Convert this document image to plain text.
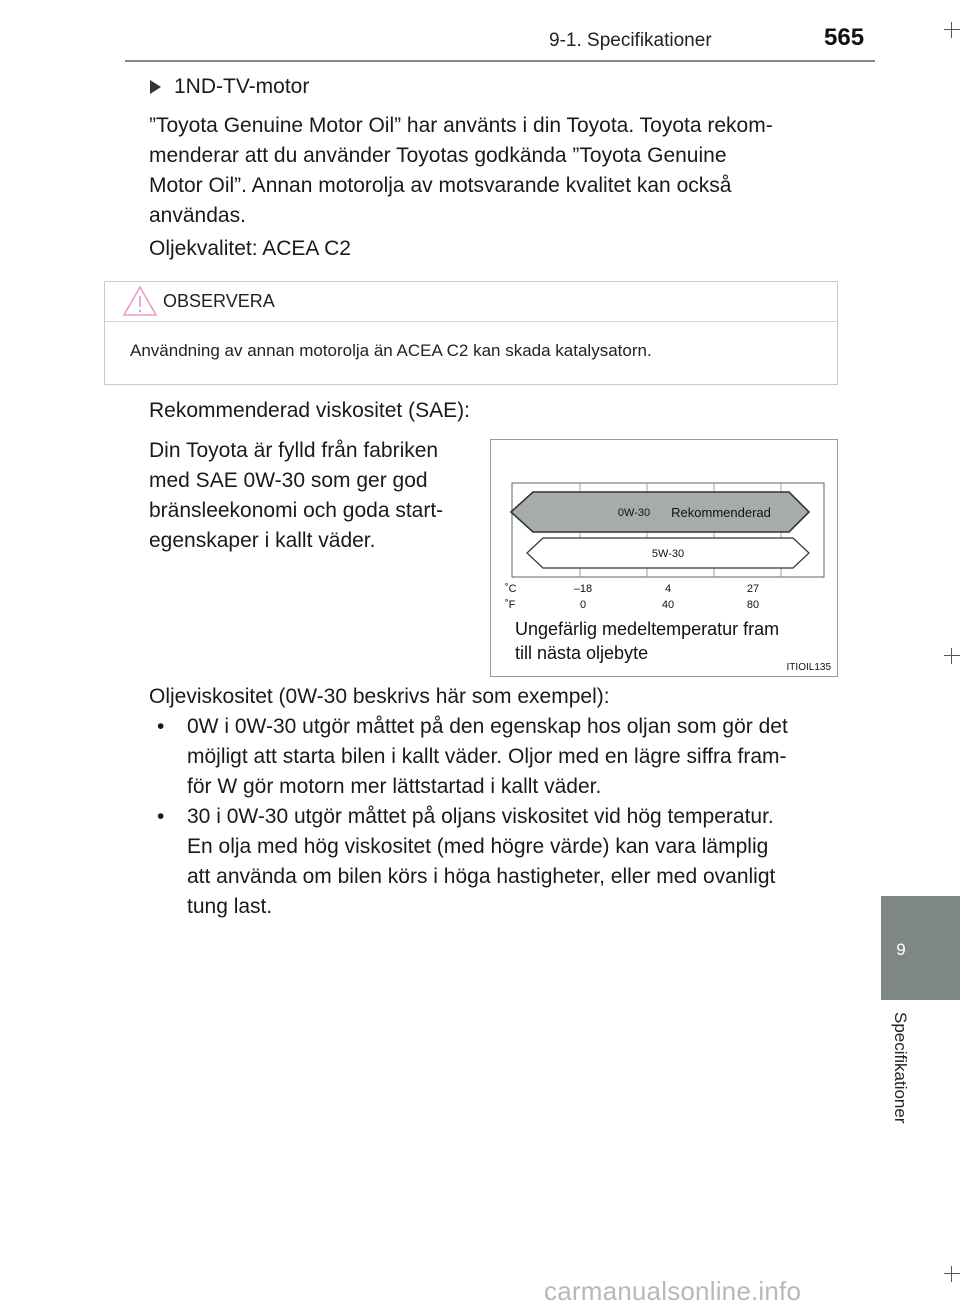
9-1. Specifikationer	565
1ND-TV-motor
”Toyota Genuine Motor Oil” har använts i din Toyota. Toyota rekom-
menderar att du använder Toyotas godkända ”Toyota Genuine
Motor Oil”. Annan motorolja av motsvarande kvalitet kan också
användas.
Oljekvalitet: ACEA C2
OBSERVERA
Användning av annan motorolja än ACEA C2 kan skada katalysatorn.
Rekommenderad viskositet (SAE):
Din Toyota är fylld från fabriken
med SAE 0W-30 som ger god
bränsleekonomi och goda start-
egenskaper i kallt väder.
0W-30 Rekommenderad
5W-30
˚C
˚F
–18	4	27
0	40	80
Ungefärlig medeltemperatur fram
till nästa oljebyte
ITIOIL135
Oljeviskositet (0W-30 beskrivs här som exempel):
• 0W i 0W-30 utgör måttet på den egenskap hos oljan som gör det
möjligt att starta bilen i kallt väder. Oljor med en lägre siffra fram-
för W gör motorn mer lättstartad i kallt väder.
• 30 i 0W-30 utgör måttet på oljans viskositet vid hög temperatur.
En olja med hög viskositet (med högre värde) kan vara lämplig
att använda om bilen körs i höga hastigheter, eller med ovanligt
tung last.
9
Specifikationer
carmanualsonline.info
